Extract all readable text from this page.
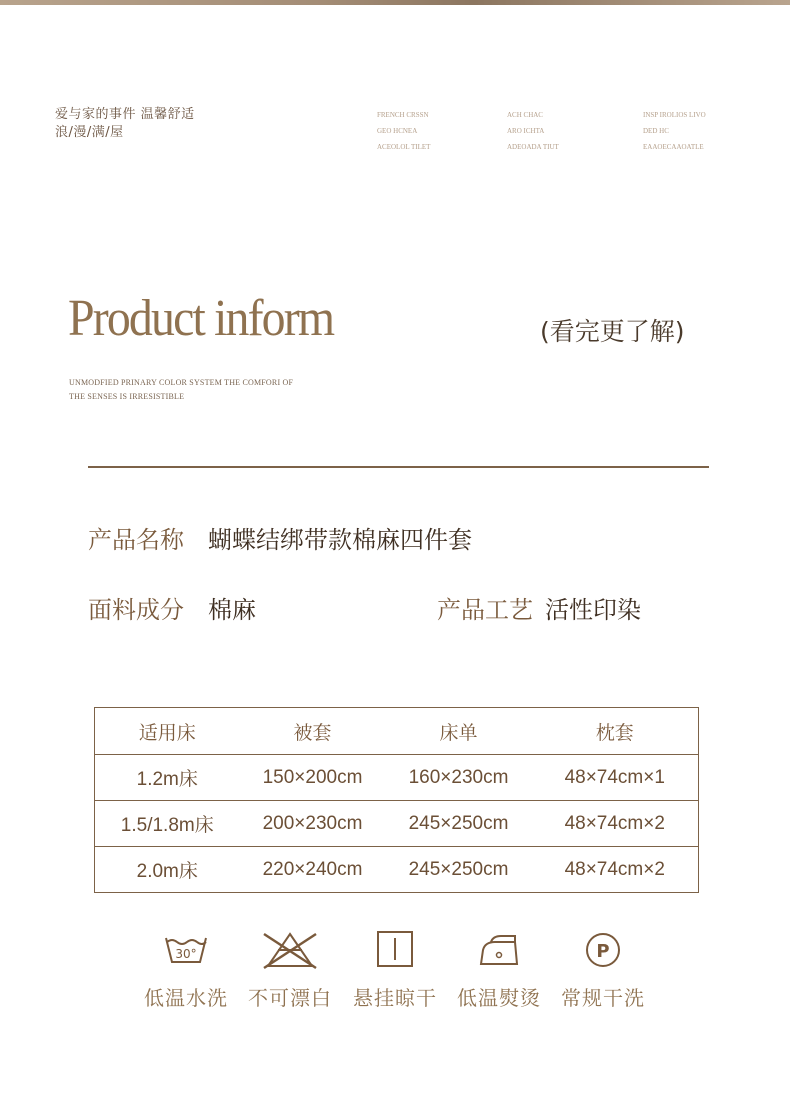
爱与家的事件 温馨舒适
浪/漫/满/屋
FRENCH CRSSN
GEO HCNEA
ACEOLOL TILET
ACH CHAC
ARO ICHTA
ADEOADA TIUT
INSP IROLIOS LIVO
DED HC
EAAOECAAOATLE
Product inform	(看完更了解)
UNMODFIED PRINARY COLOR SYSTEM THE COMFORI OF
THE SENSES IS IRRESISTIBLE
产品名称 蝴蝶结绑带款棉麻四件套
面料成分 棉麻	产品工艺 活性印染
适用床	被套	床单	枕套
1.2m床	150×200cm	160×230cm	48×74cm×1
1.5/1.8m床	200×230cm	245×250cm	48×74cm×2
2.0m床	220×240cm	245×250cm	48×74cm×2
30°
低温水洗	不可漂白	悬挂晾干	低温熨烫
P
常规干洗
